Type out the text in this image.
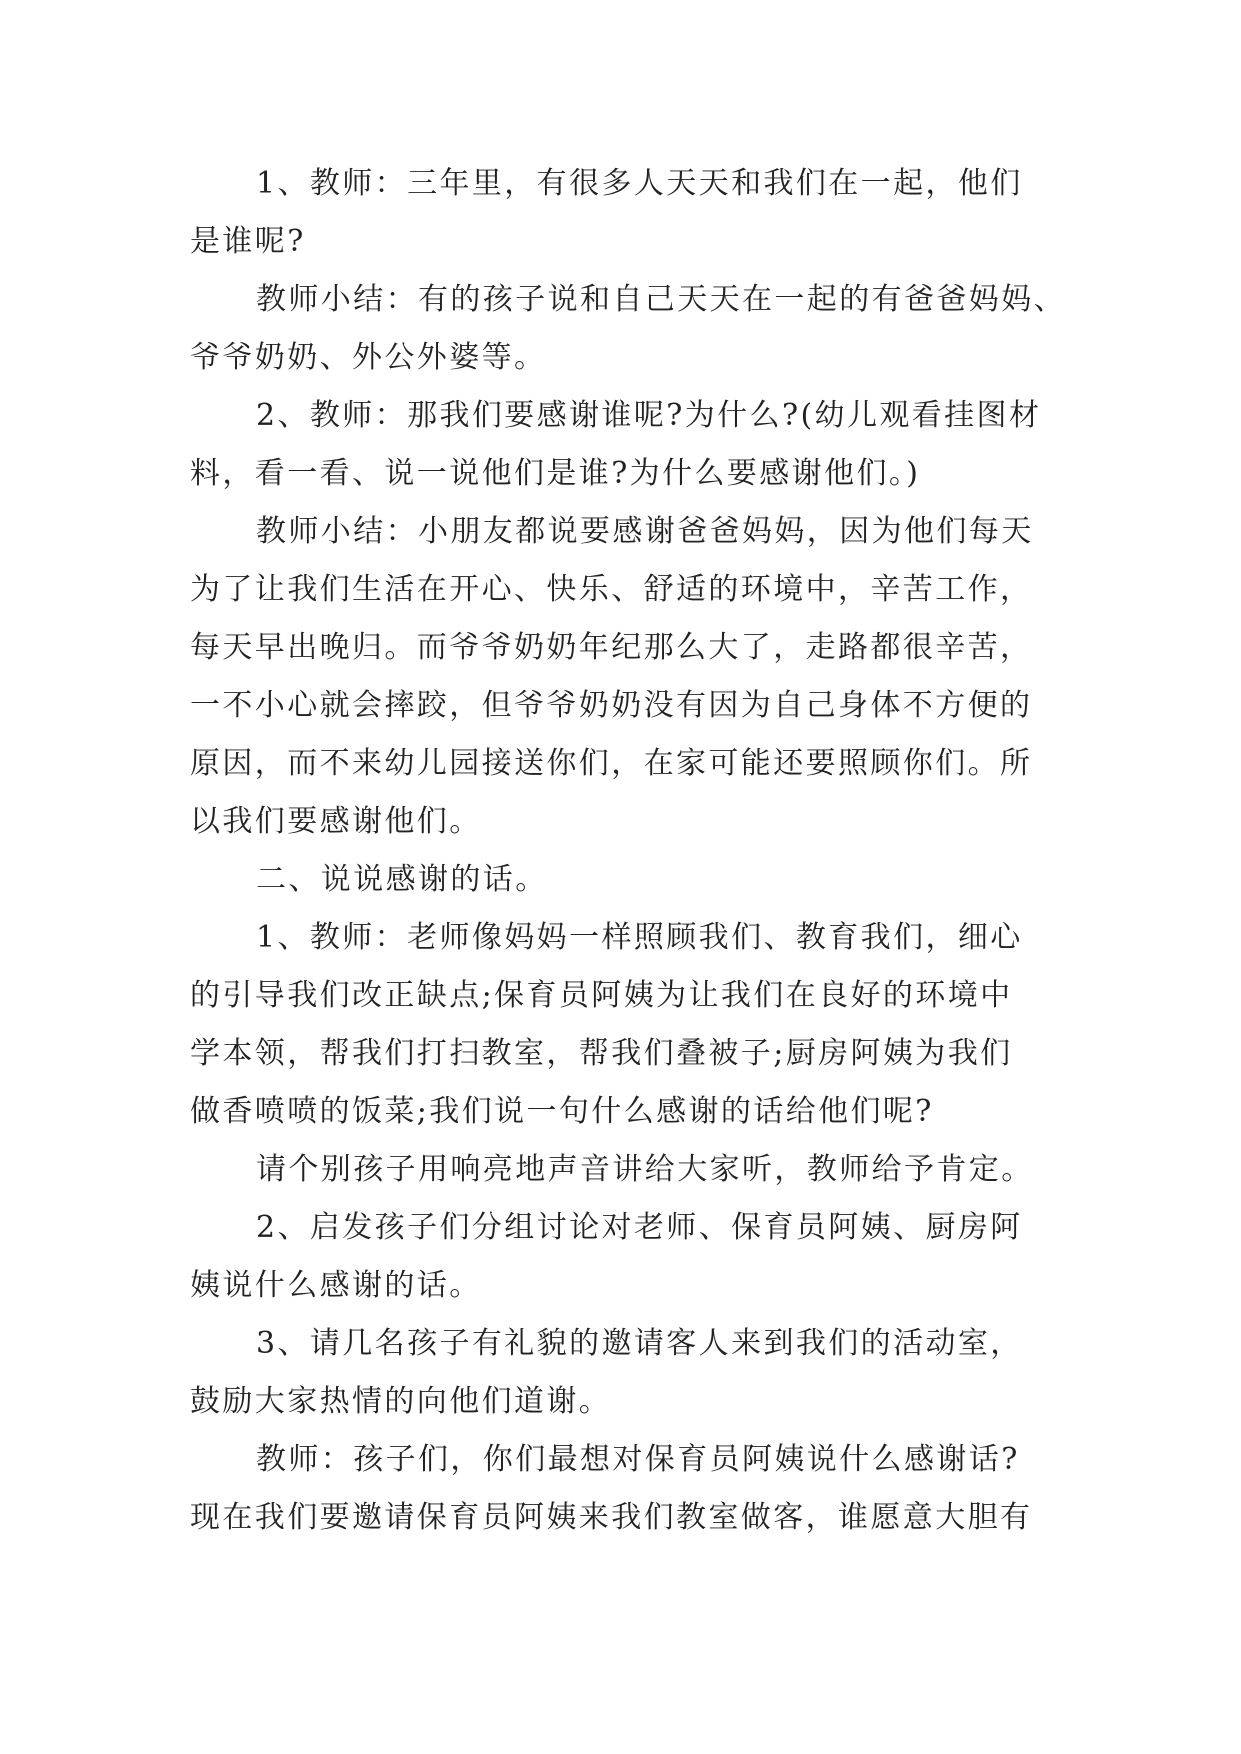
1、教师：三年里，有很多人天天和我们在一起，他们
是谁呢?
教师小结：有的孩子说和自己天天在一起的有爸爸妈妈、
爷爷奶奶、外公外婆等。
2、教师：那我们要感谢谁呢?为什么?(幼儿观看挂图材
料，看一看、说一说他们是谁?为什么要感谢他们。)
教师小结：小朋友都说要感谢爸爸妈妈，因为他们每天
为了让我们生活在开心、快乐、舒适的环境中，辛苦工作，
每天早出晚归。而爷爷奶奶年纪那么大了，走路都很辛苦，
一不小心就会摔跤，但爷爷奶奶没有因为自己身体不方便的
原因，而不来幼儿园接送你们，在家可能还要照顾你们。所
以我们要感谢他们。
二、说说感谢的话。
1、教师：老师像妈妈一样照顾我们、教育我们，细心
的引导我们改正缺点;保育员阿姨为让我们在良好的环境中
学本领，帮我们打扫教室，帮我们叠被子;厨房阿姨为我们
做香喷喷的饭菜;我们说一句什么感谢的话给他们呢?
请个别孩子用响亮地声音讲给大家听，教师给予肯定。
2、启发孩子们分组讨论对老师、保育员阿姨、厨房阿
姨说什么感谢的话。
3、请几名孩子有礼貌的邀请客人来到我们的活动室，
鼓励大家热情的向他们道谢。
教师：孩子们，你们最想对保育员阿姨说什么感谢话?
现在我们要邀请保育员阿姨来我们教室做客，谁愿意大胆有
